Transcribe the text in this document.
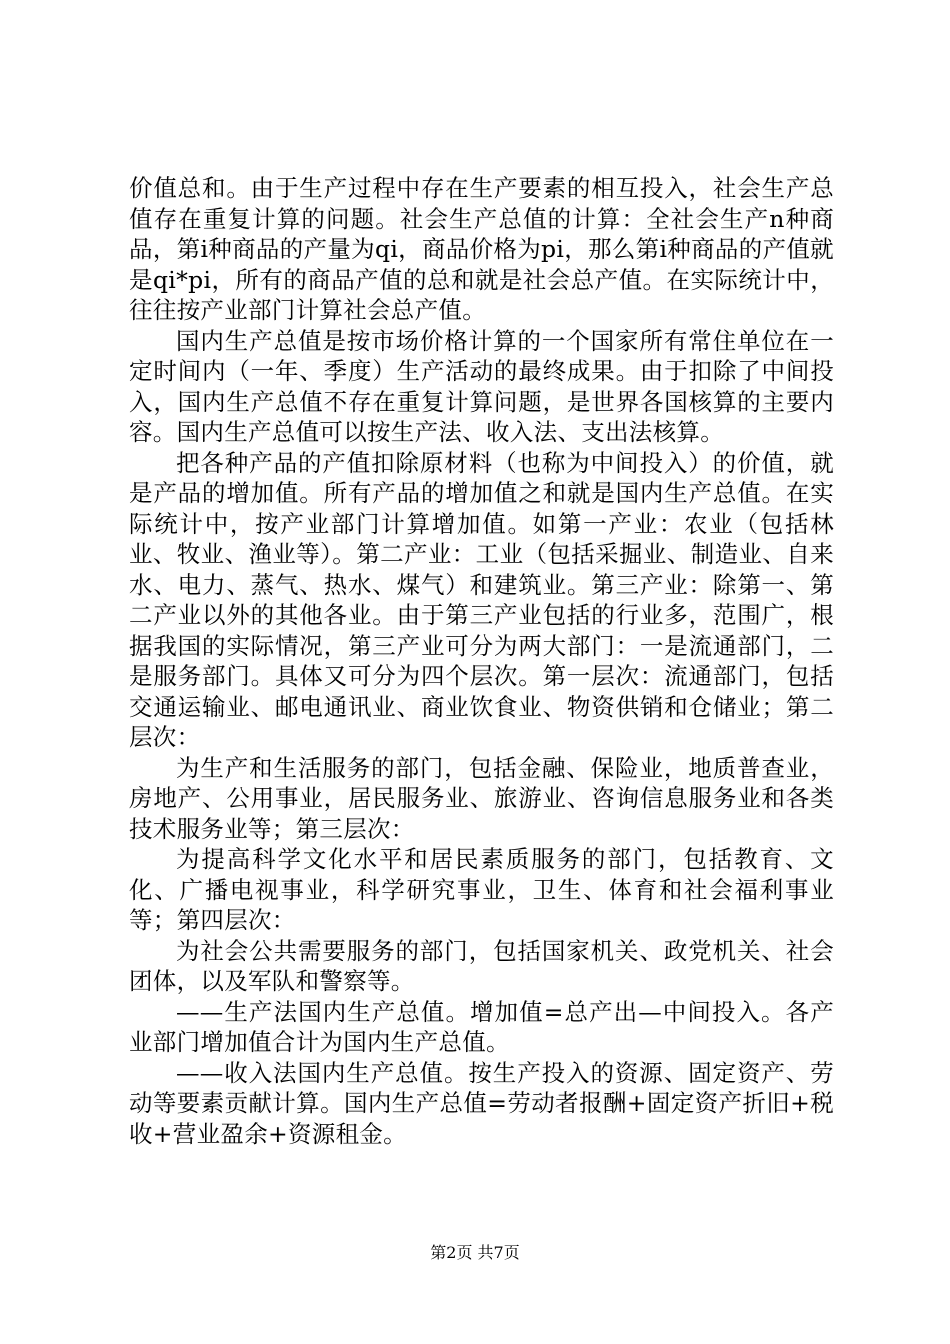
价值总和。由于生产过程中存在生产要素的相互投入，社会生产总值存在重复计算的问题。社会生产总值的计算：全社会生产n种商品，第i种商品的产量为qi，商品价格为pi，那么第i种商品的产值就是qi*pi，所有的商品产值的总和就是社会总产值。在实际统计中，往往按产业部门计算社会总产值。

国内生产总值是按市场价格计算的一个国家所有常住单位在一定时间内（一年、季度）生产活动的最终成果。由于扣除了中间投入，国内生产总值不存在重复计算问题，是世界各国核算的主要内容。国内生产总值可以按生产法、收入法、支出法核算。

把各种产品的产值扣除原材料（也称为中间投入）的价值，就是产品的增加值。所有产品的增加值之和就是国内生产总值。在实际统计中，按产业部门计算增加值。如第一产业：农业（包括林业、牧业、渔业等）。第二产业：工业（包括采掘业、制造业、自来水、电力、蒸气、热水、煤气）和建筑业。第三产业：除第一、第二产业以外的其他各业。由于第三产业包括的行业多，范围广，根据我国的实际情况，第三产业可分为两大部门：一是流通部门，二是服务部门。具体又可分为四个层次。第一层次：流通部门，包括交通运输业、邮电通讯业、商业饮食业、物资供销和仓储业；第二层次：

为生产和生活服务的部门，包括金融、保险业，地质普查业，房地产、公用事业，居民服务业、旅游业、咨询信息服务业和各类技术服务业等；第三层次：

为提高科学文化水平和居民素质服务的部门，包括教育、文化、广播电视事业，科学研究事业，卫生、体育和社会福利事业等；第四层次：

为社会公共需要服务的部门，包括国家机关、政党机关、社会团体，以及军队和警察等。

——生产法国内生产总值。增加值=总产出—中间投入。各产业部门增加值合计为国内生产总值。

——收入法国内生产总值。按生产投入的资源、固定资产、劳动等要素贡献计算。国内生产总值=劳动者报酬+固定资产折旧+税收+营业盈余+资源租金。

第2页 共7页
